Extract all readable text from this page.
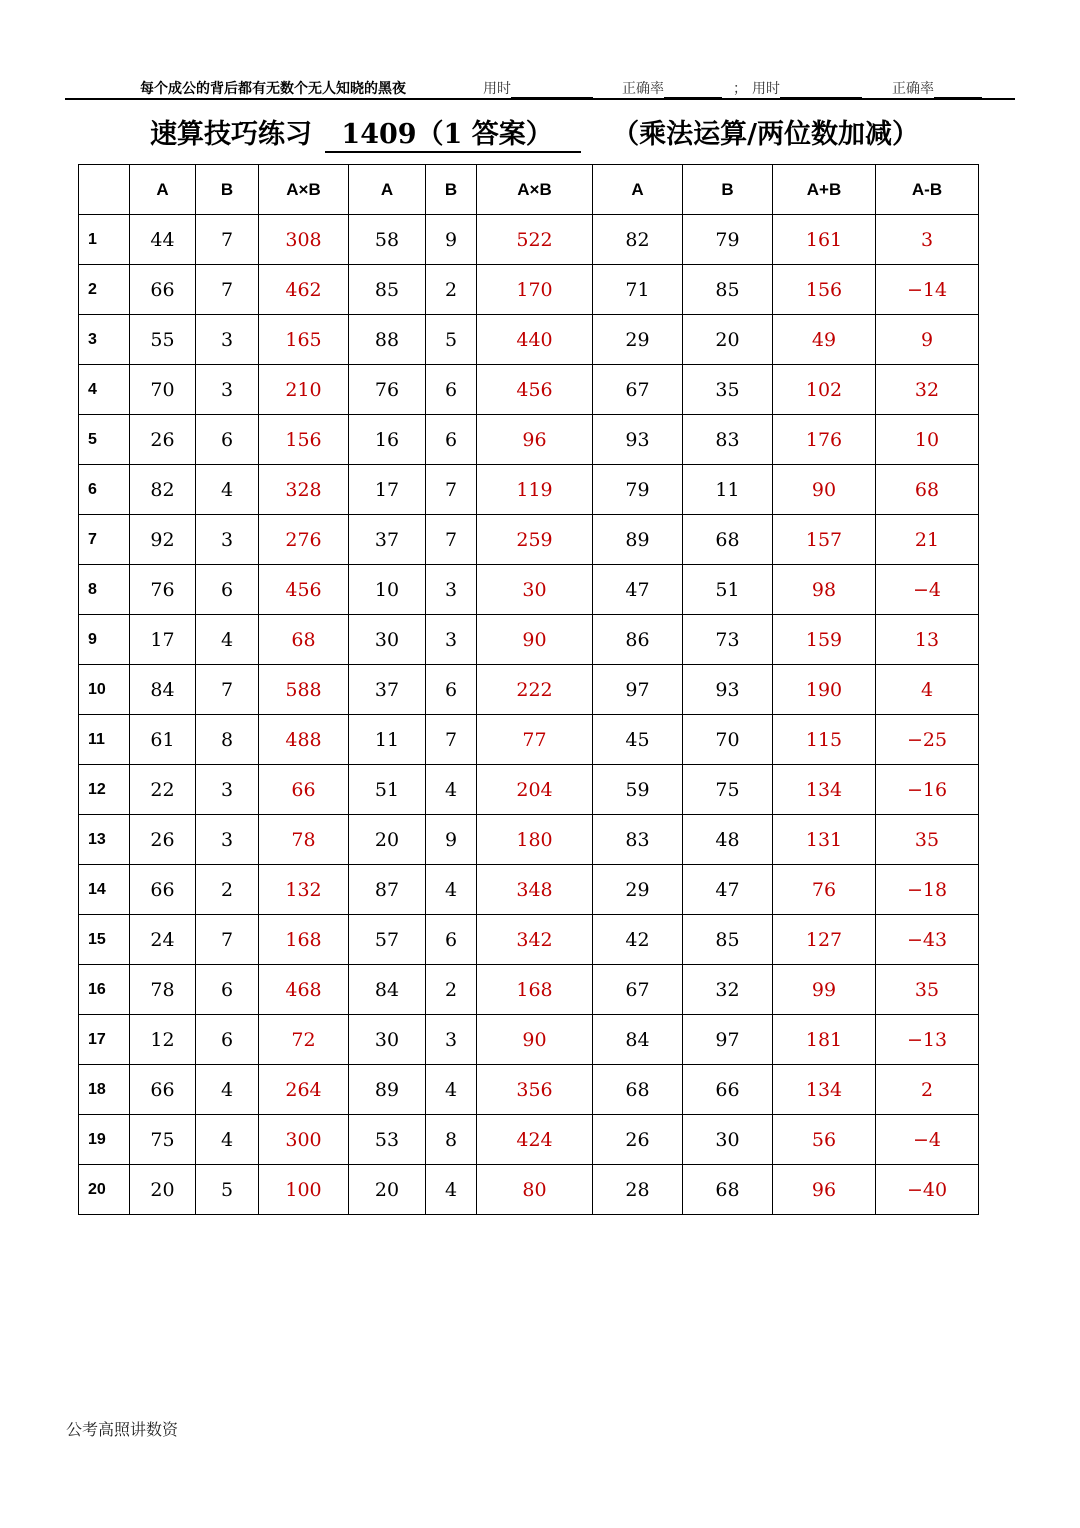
每个成公的背后都有无数个无人知晓的黑夜	用时	正确率	； 用时	正确率
速算技巧练习 1409（1 答案） （乘法运算/两位数加减）
	A	B	A×B	A	B	A×B	A	B	A+B	A-B
1	44	7	308	58	9	522	82	79	161	3
2	66	7	462	85	2	170	71	85	156	−14
3	55	3	165	88	5	440	29	20	49	9
4	70	3	210	76	6	456	67	35	102	32
5	26	6	156	16	6	96	93	83	176	10
6	82	4	328	17	7	119	79	11	90	68
7	92	3	276	37	7	259	89	68	157	21
8	76	6	456	10	3	30	47	51	98	−4
9	17	4	68	30	3	90	86	73	159	13
10	84	7	588	37	6	222	97	93	190	4
11	61	8	488	11	7	77	45	70	115	−25
12	22	3	66	51	4	204	59	75	134	−16
13	26	3	78	20	9	180	83	48	131	35
14	66	2	132	87	4	348	29	47	76	−18
15	24	7	168	57	6	342	42	85	127	−43
16	78	6	468	84	2	168	67	32	99	35
17	12	6	72	30	3	90	84	97	181	−13
18	66	4	264	89	4	356	68	66	134	2
19	75	4	300	53	8	424	26	30	56	−4
20	20	5	100	20	4	80	28	68	96	−40
公考高照讲数资
